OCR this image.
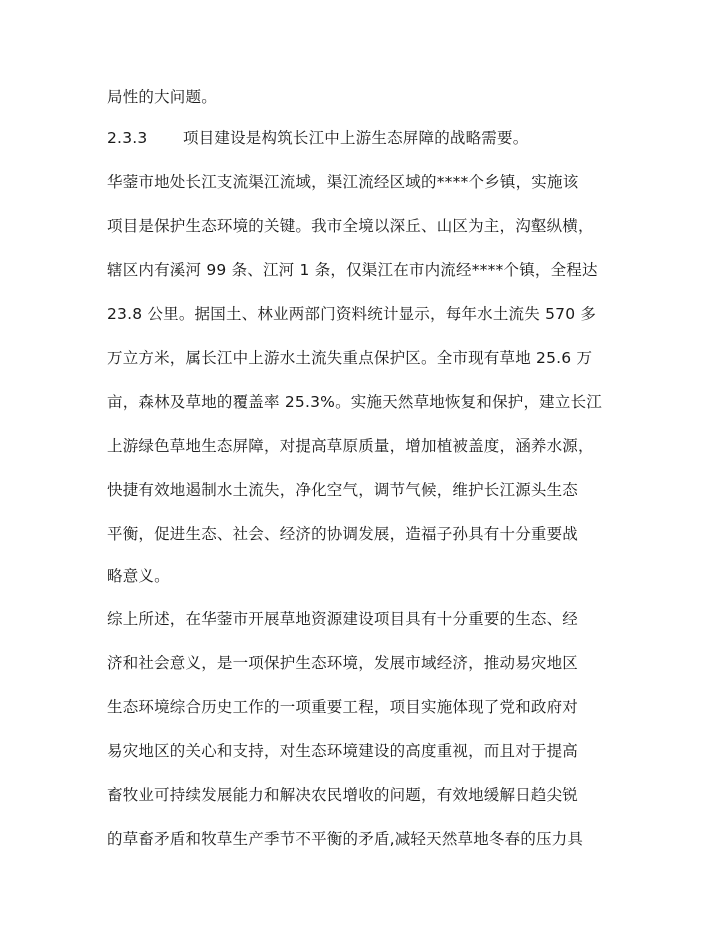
局性的大问题。
2.3.3 项目建设是构筑长江中上游生态屏障的战略需要。
华蓥市地处长江支流渠江流域，渠江流经区域的****个乡镇，实施该
项目是保护生态环境的关键。我市全境以深丘、山区为主，沟壑纵横，
辖区内有溪河 99 条、江河 1 条，仅渠江在市内流经****个镇，全程达
23.8 公里。据国土、林业两部门资料统计显示，每年水土流失 570 多
万立方米，属长江中上游水土流失重点保护区。全市现有草地 25.6 万
亩，森林及草地的覆盖率 25.3%。实施天然草地恢复和保护，建立长江
上游绿色草地生态屏障，对提高草原质量，增加植被盖度，涵养水源，
快捷有效地遏制水土流失，净化空气，调节气候，维护长江源头生态
平衡，促进生态、社会、经济的协调发展，造福子孙具有十分重要战
略意义。
综上所述，在华蓥市开展草地资源建设项目具有十分重要的生态、经
济和社会意义，是一项保护生态环境，发展市域经济，推动易灾地区
生态环境综合历史工作的一项重要工程，项目实施体现了党和政府对
易灾地区的关心和支持，对生态环境建设的高度重视，而且对于提高
畜牧业可持续发展能力和解决农民增收的问题，有效地缓解日趋尖锐
的草畜矛盾和牧草生产季节不平衡的矛盾,减轻天然草地冬春的压力具
